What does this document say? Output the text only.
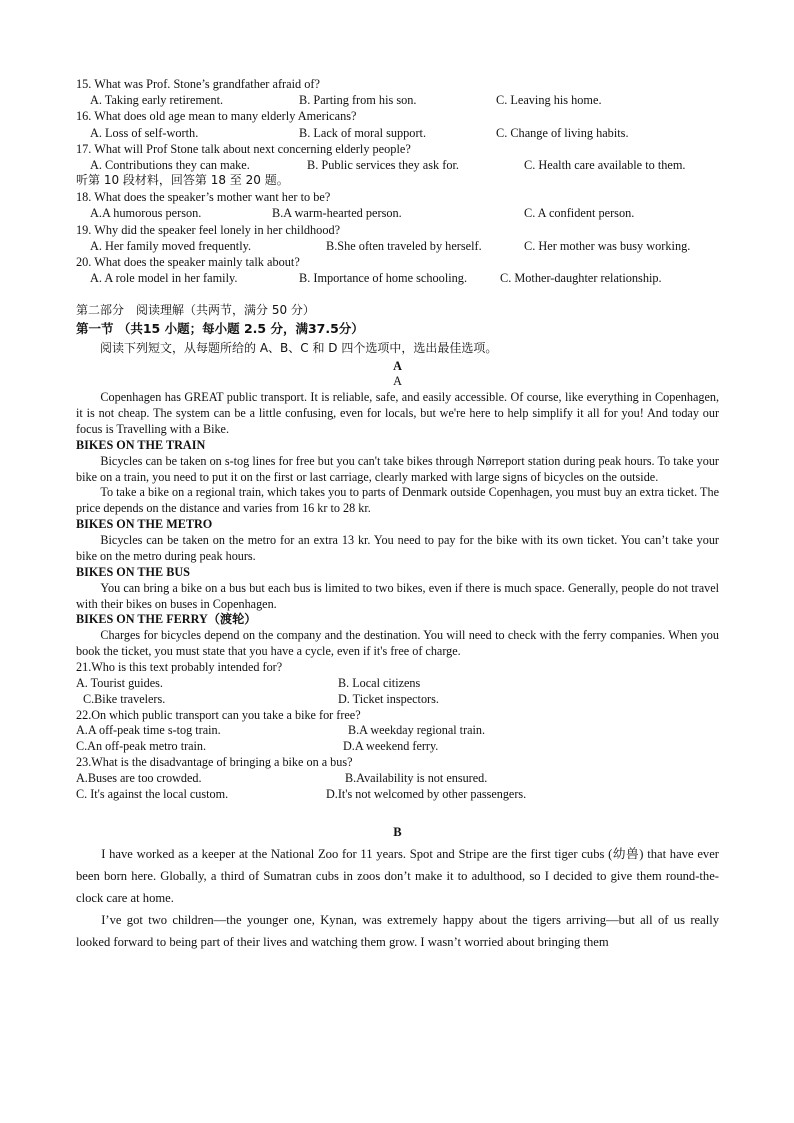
15. What was Prof. Stone’s grandfather afraid of?
A. Taking early retirement.	B. Parting from his son.	C. Leaving his home.
16. What does old age mean to many elderly Americans?
A. Loss of self-worth.	B. Lack of moral support.	C. Change of living habits.
17. What will Prof Stone talk about next concerning elderly people?
A. Contributions they can make.	B. Public services they ask for.	C. Health care available to them.
听第 10 段材料，回答第 18 至 20 题。
18. What does the speaker’s mother want her to be?
A.A humorous person.	B.A warm-hearted person.	C. A confident person.
19. Why did the speaker feel lonely in her childhood?
A. Her family moved frequently.	B.She often traveled by herself.	C. Her mother was busy working.
20. What does the speaker mainly talk about?
A. A role model in her family.	B. Importance of home schooling.	C. Mother-daughter relationship.
第二部分　阅读理解（共两节，满分 50 分）
第一节 （共15 小题；每小题 2.5 分，满37.5分）
阅读下列短文，从每题所给的 A、B、C 和 D 四个选项中，选出最佳选项。
A
A

Copenhagen has GREAT public transport. It is reliable, safe, and easily accessible. Of course, like everything in Copenhagen, it is not cheap. The system can be a little confusing, even for locals, but we're here to help simplify it all for you! And today our focus is Travelling with a Bike.

BIKES ON THE TRAIN

Bicycles can be taken on s-tog lines for free but you can't take bikes through Nørreport station during peak hours. To take your bike on a train, you need to put it on the first or last carriage, clearly marked with large signs of bicycles on the outside.

To take a bike on a regional train, which takes you to parts of Denmark outside Copenhagen, you must buy an extra ticket. The price depends on the distance and varies from 16 kr to 28 kr.

BIKES ON THE METRO

Bicycles can be taken on the metro for an extra 13 kr. You need to pay for the bike with its own ticket. You can’t take your bike on the metro during peak hours.

BIKES ON THE BUS

You can bring a bike on a bus but each bus is limited to two bikes, even if there is much space. Generally, people do not travel with their bikes on buses in Copenhagen.

BIKES ON THE FERRY（渡轮）

Charges for bicycles depend on the company and the destination. You will need to check with the ferry companies. When you book the ticket, you must state that you have a cycle, even if it's free of charge.

21.Who is this text probably intended for?
A. Tourist guides.	B. Local citizens
C.Bike travelers.	D. Ticket inspectors.
22.On which public transport can you take a bike for free?
A.A off-peak time s-tog train.	B.A weekday regional train.
C.An off-peak metro train.	D.A weekend ferry.
23.What is the disadvantage of bringing a bike on a bus?
A.Buses are too crowded.	B.Availability is not ensured.
C. It's against the local custom.	D.It's not welcomed by other passengers.
B

I have worked as a keeper at the National Zoo for 11 years. Spot and Stripe are the first tiger cubs (幼兽) that have ever been born here. Globally, a third of Sumatran cubs in zoos don’t make it to adulthood, so I decided to give them round-the-clock care at home.

I’ve got two children—the younger one, Kynan, was extremely happy about the tigers arriving—but all of us really looked forward to being part of their lives and watching them grow. I wasn’t worried about bringing them
